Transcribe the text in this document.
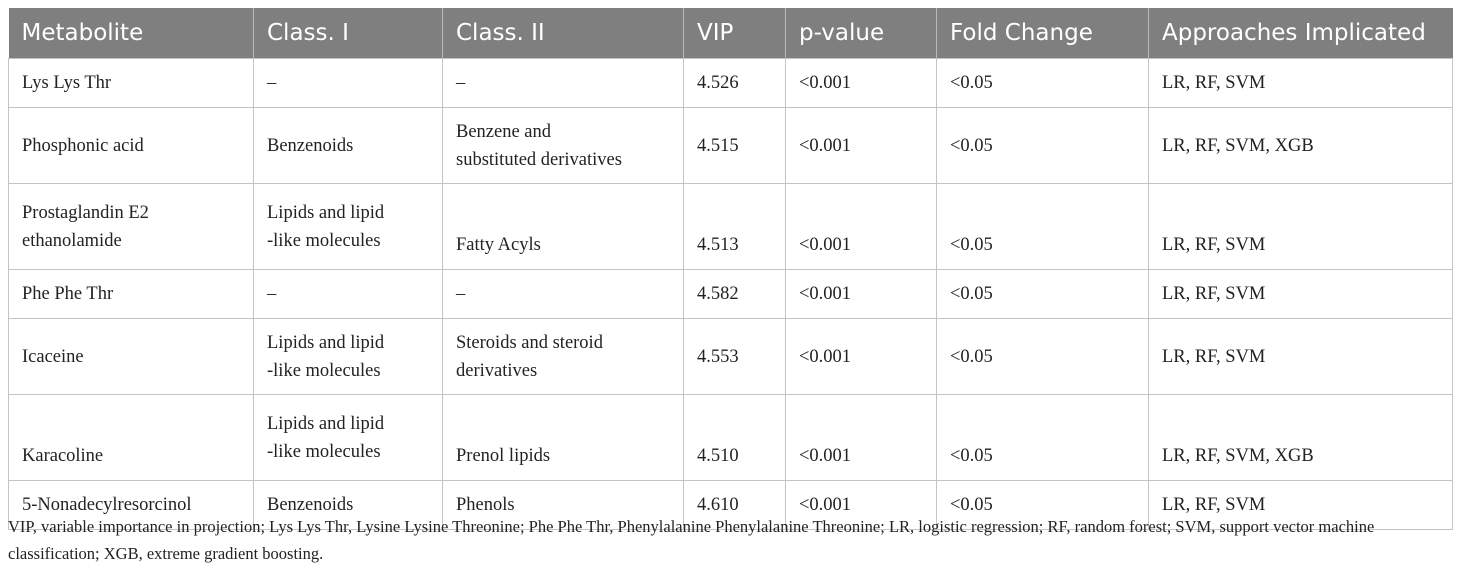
Metabolite	Class. I	Class. II	VIP	p-value	Fold Change	Approaches Implicated

Lys Lys Thr	–	–	4.526	<0.001	<0.05	LR, RF, SVM

Phosphonic acid	Benzenoids	Benzene and
substituted derivatives	4.515	<0.001	<0.05	LR, RF, SVM, XGB

Prostaglandin E2
ethanolamide	Lipids and lipid
-like molecules	Fatty Acyls	4.513	<0.001	<0.05	LR, RF, SVM

Phe Phe Thr	–	–	4.582	<0.001	<0.05	LR, RF, SVM

Icaceine	Lipids and lipid
-like molecules	Steroids and steroid
derivatives	4.553	<0.001	<0.05	LR, RF, SVM

Karacoline	Lipids and lipid
-like molecules	Prenol lipids	4.510	<0.001	<0.05	LR, RF, SVM, XGB

5-Nonadecylresorcinol	Benzenoids	Phenols	4.610	<0.001	<0.05	LR, RF, SVM
VIP, variable importance in projection; Lys Lys Thr, Lysine Lysine Threonine; Phe Phe Thr, Phenylalanine Phenylalanine Threonine; LR, logistic regression; RF, random forest; SVM, support vector machine classification; XGB, extreme gradient boosting.
